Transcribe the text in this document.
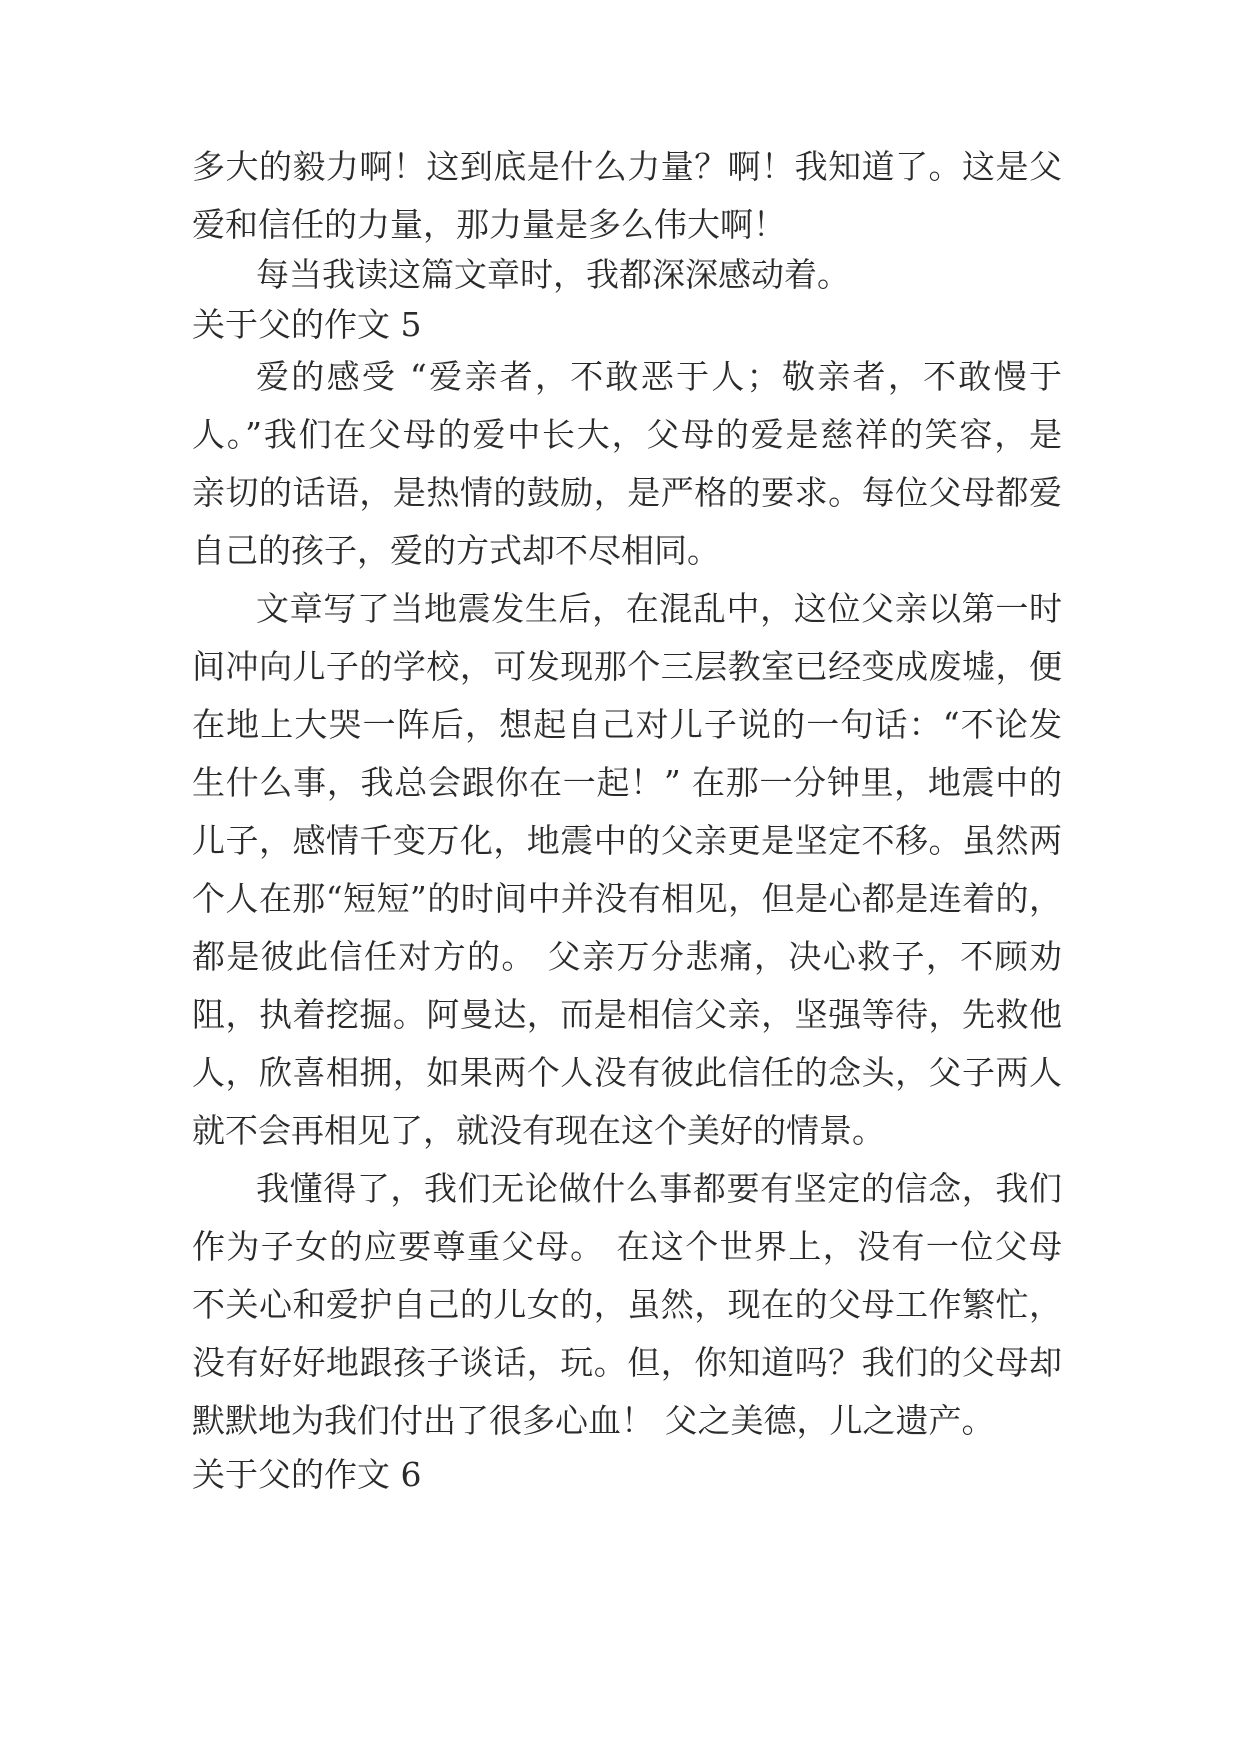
多大的毅力啊！这到底是什么力量？啊！我知道了。这是父
爱和信任的力量，那力量是多么伟大啊！
每当我读这篇文章时，我都深深感动着。
关于父的作文 5
爱的感受 “爱亲者，不敢恶于人；敬亲者，不敢慢于
人。”我们在父母的爱中长大，父母的爱是慈祥的笑容，是
亲切的话语，是热情的鼓励，是严格的要求。每位父母都爱
自己的孩子，爱的方式却不尽相同。
文章写了当地震发生后，在混乱中，这位父亲以第一时
间冲向儿子的学校，可发现那个三层教室已经变成废墟，便
在地上大哭一阵后，想起自己对儿子说的一句话：“不论发
生什么事，我总会跟你在一起！” 在那一分钟里，地震中的
儿子，感情千变万化，地震中的父亲更是坚定不移。虽然两
个人在那“短短”的时间中并没有相见，但是心都是连着的，
都是彼此信任对方的。 父亲万分悲痛，决心救子，不顾劝
阻，执着挖掘。阿曼达，而是相信父亲，坚强等待，先救他
人，欣喜相拥，如果两个人没有彼此信任的念头，父子两人
就不会再相见了，就没有现在这个美好的情景。
我懂得了，我们无论做什么事都要有坚定的信念，我们
作为子女的应要尊重父母。 在这个世界上，没有一位父母
不关心和爱护自己的儿女的，虽然，现在的父母工作繁忙，
没有好好地跟孩子谈话，玩。但，你知道吗？我们的父母却
默默地为我们付出了很多心血！ 父之美德，儿之遗产。
关于父的作文 6
